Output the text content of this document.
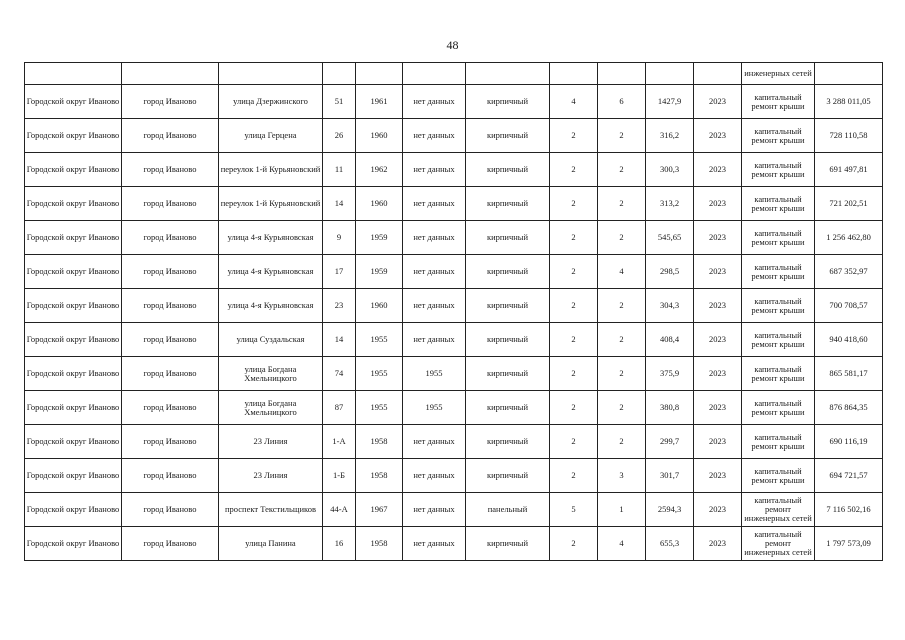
48
											инженерных сетей	
Городской округ Иваново	город Иваново	улица Дзержинского	51	1961	нет данных	кирпичный	4	6	1427,9	2023	капитальный ремонт крыши	3 288 011,05
Городской округ Иваново	город Иваново	улица Герцена	26	1960	нет данных	кирпичный	2	2	316,2	2023	капитальный ремонт крыши	728 110,58
Городской округ Иваново	город Иваново	переулок 1-й Курьяновский	11	1962	нет данных	кирпичный	2	2	300,3	2023	капитальный ремонт крыши	691 497,81
Городской округ Иваново	город Иваново	переулок 1-й Курьяновский	14	1960	нет данных	кирпичный	2	2	313,2	2023	капитальный ремонт крыши	721 202,51
Городской округ Иваново	город Иваново	улица 4-я Курьяновская	9	1959	нет данных	кирпичный	2	2	545,65	2023	капитальный ремонт крыши	1 256 462,80
Городской округ Иваново	город Иваново	улица 4-я Курьяновская	17	1959	нет данных	кирпичный	2	4	298,5	2023	капитальный ремонт крыши	687 352,97
Городской округ Иваново	город Иваново	улица 4-я Курьяновская	23	1960	нет данных	кирпичный	2	2	304,3	2023	капитальный ремонт крыши	700 708,57
Городской округ Иваново	город Иваново	улица Суздальская	14	1955	нет данных	кирпичный	2	2	408,4	2023	капитальный ремонт крыши	940 418,60
Городской округ Иваново	город Иваново	улица Богдана Хмельницкого	74	1955	1955	кирпичный	2	2	375,9	2023	капитальный ремонт крыши	865 581,17
Городской округ Иваново	город Иваново	улица Богдана Хмельницкого	87	1955	1955	кирпичный	2	2	380,8	2023	капитальный ремонт крыши	876 864,35
Городской округ Иваново	город Иваново	23 Линия	1-А	1958	нет данных	кирпичный	2	2	299,7	2023	капитальный ремонт крыши	690 116,19
Городской округ Иваново	город Иваново	23 Линия	1-Б	1958	нет данных	кирпичный	2	3	301,7	2023	капитальный ремонт крыши	694 721,57
Городской округ Иваново	город Иваново	проспект Текстильщиков	44-А	1967	нет данных	панельный	5	1	2594,3	2023	капитальный ремонт инженерных сетей	7 116 502,16
Городской округ Иваново	город Иваново	улица Панина	16	1958	нет данных	кирпичный	2	4	655,3	2023	капитальный ремонт инженерных сетей	1 797 573,09
